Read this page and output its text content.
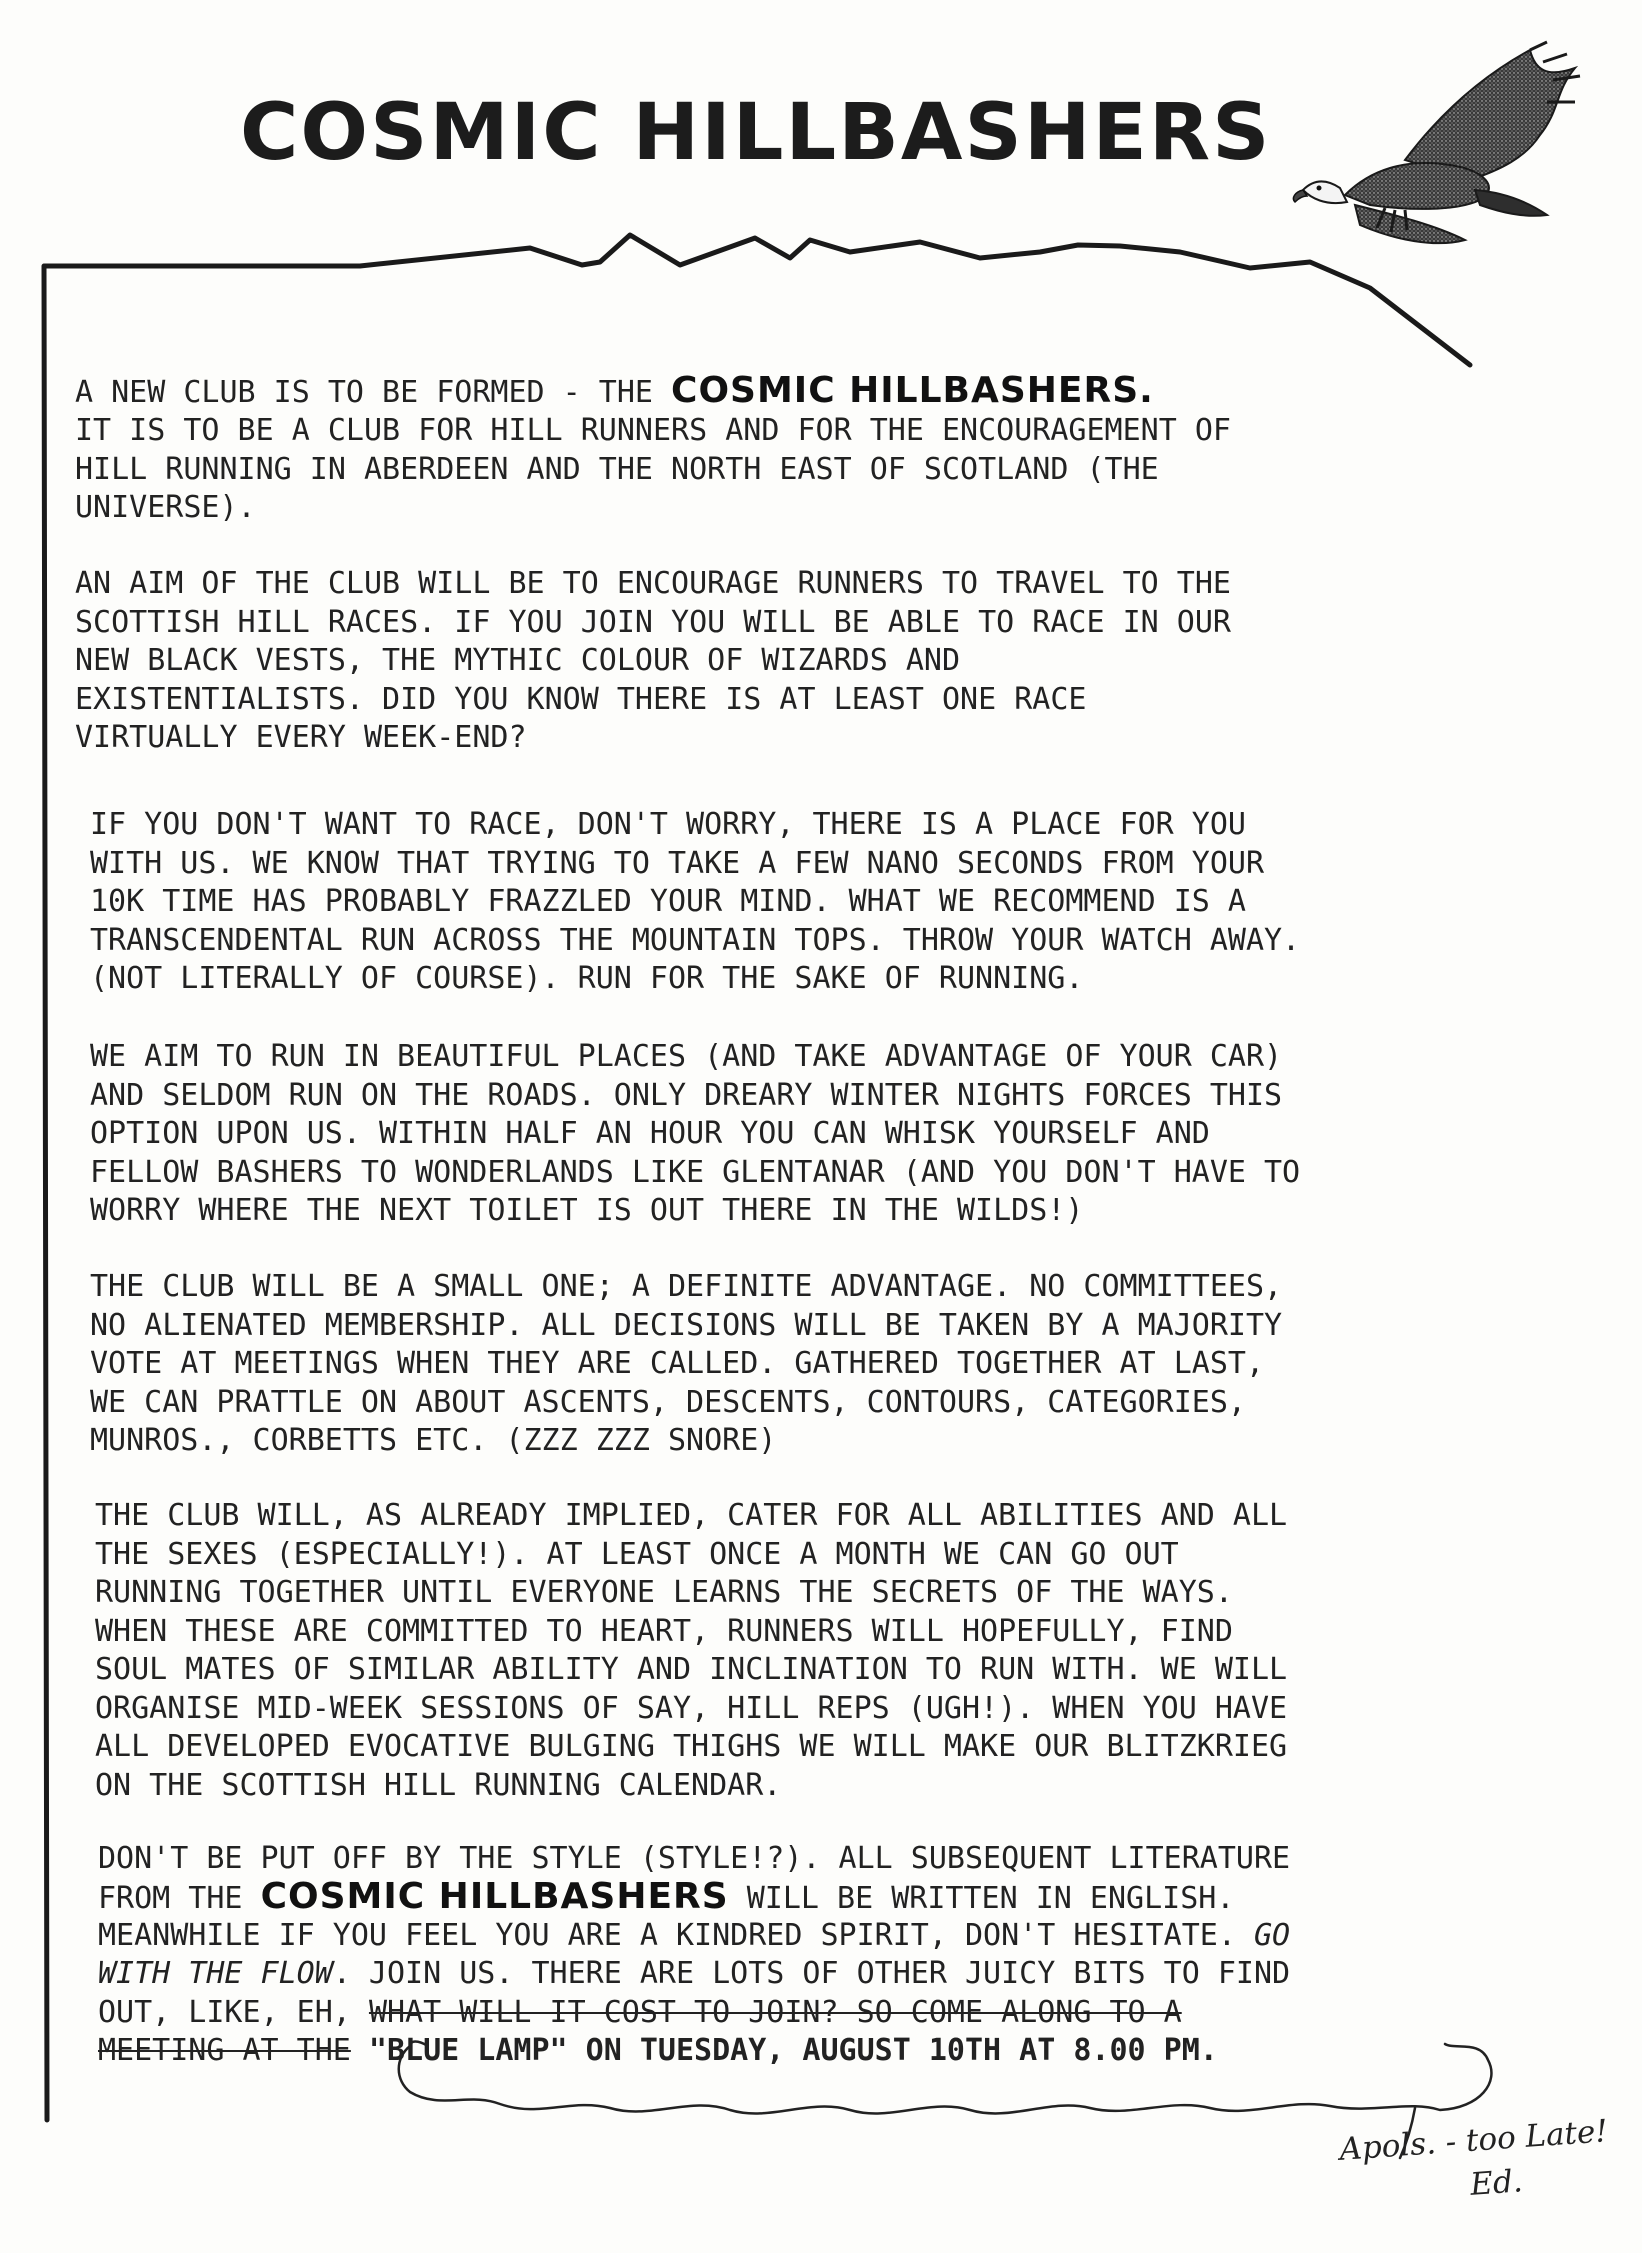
COSMIC HILLBASHERS
A NEW CLUB IS TO BE FORMED - THE COSMIC HILLBASHERS.
IT IS TO BE A CLUB FOR HILL RUNNERS AND FOR THE ENCOURAGEMENT OF
HILL RUNNING IN ABERDEEN AND THE NORTH EAST OF SCOTLAND (THE
UNIVERSE).
AN AIM OF THE CLUB WILL BE TO ENCOURAGE RUNNERS TO TRAVEL TO THE
SCOTTISH HILL RACES. IF YOU JOIN YOU WILL BE ABLE TO RACE IN OUR
NEW BLACK VESTS, THE MYTHIC COLOUR OF WIZARDS AND
EXISTENTIALISTS. DID YOU KNOW THERE IS AT LEAST ONE RACE
VIRTUALLY EVERY WEEK-END?
IF YOU DON'T WANT TO RACE, DON'T WORRY, THERE IS A PLACE FOR YOU
WITH US. WE KNOW THAT TRYING TO TAKE A FEW NANO SECONDS FROM YOUR
10K TIME HAS PROBABLY FRAZZLED YOUR MIND. WHAT WE RECOMMEND IS A
TRANSCENDENTAL RUN ACROSS THE MOUNTAIN TOPS. THROW YOUR WATCH AWAY.
(NOT LITERALLY OF COURSE). RUN FOR THE SAKE OF RUNNING.
WE AIM TO RUN IN BEAUTIFUL PLACES (AND TAKE ADVANTAGE OF YOUR CAR)
AND SELDOM RUN ON THE ROADS. ONLY DREARY WINTER NIGHTS FORCES THIS
OPTION UPON US. WITHIN HALF AN HOUR YOU CAN WHISK YOURSELF AND
FELLOW BASHERS TO WONDERLANDS LIKE GLENTANAR (AND YOU DON'T HAVE TO
WORRY WHERE THE NEXT TOILET IS OUT THERE IN THE WILDS!)
THE CLUB WILL BE A SMALL ONE; A DEFINITE ADVANTAGE. NO COMMITTEES,
NO ALIENATED MEMBERSHIP. ALL DECISIONS WILL BE TAKEN BY A MAJORITY
VOTE AT MEETINGS WHEN THEY ARE CALLED. GATHERED TOGETHER AT LAST,
WE CAN PRATTLE ON ABOUT ASCENTS, DESCENTS, CONTOURS, CATEGORIES,
MUNROS., CORBETTS ETC. (ZZZ ZZZ SNORE)
THE CLUB WILL, AS ALREADY IMPLIED, CATER FOR ALL ABILITIES AND ALL
THE SEXES (ESPECIALLY!). AT LEAST ONCE A MONTH WE CAN GO OUT
RUNNING TOGETHER UNTIL EVERYONE LEARNS THE SECRETS OF THE WAYS.
WHEN THESE ARE COMMITTED TO HEART, RUNNERS WILL HOPEFULLY, FIND
SOUL MATES OF SIMILAR ABILITY AND INCLINATION TO RUN WITH. WE WILL
ORGANISE MID-WEEK SESSIONS OF SAY, HILL REPS (UGH!). WHEN YOU HAVE
ALL DEVELOPED EVOCATIVE BULGING THIGHS WE WILL MAKE OUR BLITZKRIEG
ON THE SCOTTISH HILL RUNNING CALENDAR.
DON'T BE PUT OFF BY THE STYLE (STYLE!?). ALL SUBSEQUENT LITERATURE
FROM THE COSMIC HILLBASHERS WILL BE WRITTEN IN ENGLISH.
MEANWHILE IF YOU FEEL YOU ARE A KINDRED SPIRIT, DON'T HESITATE. GO
WITH THE FLOW. JOIN US. THERE ARE LOTS OF OTHER JUICY BITS TO FIND
OUT, LIKE, EH, WHAT WILL IT COST TO JOIN? SO COME ALONG TO A
MEETING AT THE "BLUE LAMP" ON TUESDAY, AUGUST 10TH AT 8.00 PM.
Apols. - too Late!
Ed.
